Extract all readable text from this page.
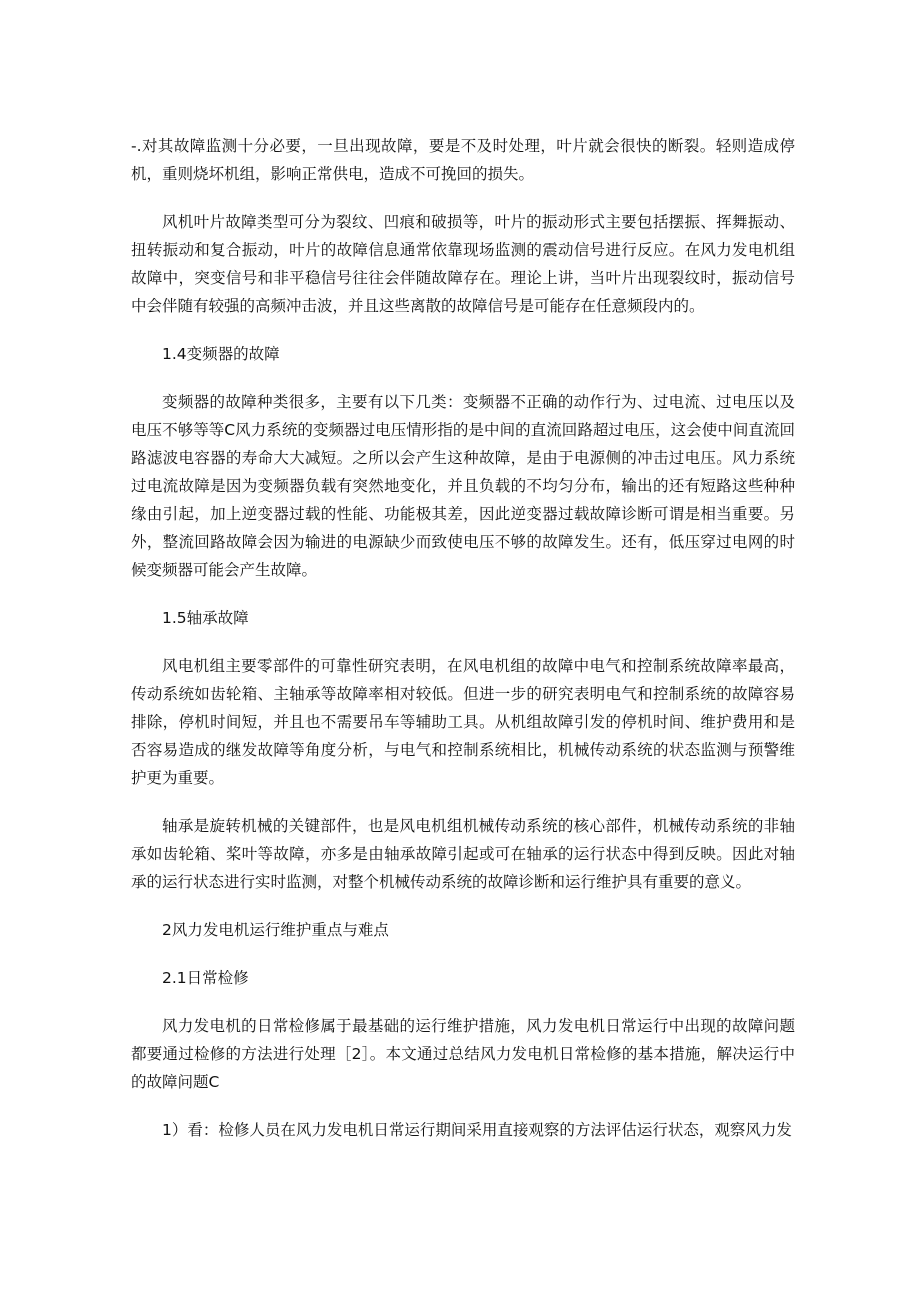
-.对其故障监测十分必要，一旦出现故障，要是不及时处理，叶片就会很快的断裂。轻则造成停机，重则烧坏机组，影响正常供电，造成不可挽回的损失。

风机叶片故障类型可分为裂纹、凹痕和破损等，叶片的振动形式主要包括摆振、挥舞振动、扭转振动和复合振动，叶片的故障信息通常依靠现场监测的震动信号进行反应。在风力发电机组故障中，突变信号和非平稳信号往往会伴随故障存在。理论上讲，当叶片出现裂纹时，振动信号中会伴随有较强的高频冲击波，并且这些离散的故障信号是可能存在任意频段内的。

1.4变频器的故障

变频器的故障种类很多，主要有以下几类：变频器不正确的动作行为、过电流、过电压以及电压不够等等C风力系统的变频器过电压情形指的是中间的直流回路超过电压，这会使中间直流回路滤波电容器的寿命大大减短。之所以会产生这种故障，是由于电源侧的冲击过电压。风力系统过电流故障是因为变频器负载有突然地变化，并且负载的不均匀分布，输出的还有短路这些种种缘由引起，加上逆变器过载的性能、功能极其差，因此逆变器过载故障诊断可谓是相当重要。另外，整流回路故障会因为输进的电源缺少而致使电压不够的故障发生。还有，低压穿过电网的时候变频器可能会产生故障。

1.5轴承故障

风电机组主要零部件的可靠性研究表明，在风电机组的故障中电气和控制系统故障率最高，传动系统如齿轮箱、主轴承等故障率相对较低。但进一步的研究表明电气和控制系统的故障容易排除，停机时间短，并且也不需要吊车等辅助工具。从机组故障引发的停机时间、维护费用和是否容易造成的继发故障等角度分析，与电气和控制系统相比，机械传动系统的状态监测与预警维护更为重要。

轴承是旋转机械的关键部件，也是风电机组机械传动系统的核心部件，机械传动系统的非轴承如齿轮箱、桨叶等故障，亦多是由轴承故障引起或可在轴承的运行状态中得到反映。因此对轴承的运行状态进行实时监测，对整个机械传动系统的故障诊断和运行维护具有重要的意义。

2风力发电机运行维护重点与难点
2.1日常检修

风力发电机的日常检修属于最基础的运行维护措施，风力发电机日常运行中出现的故障问题都要通过检修的方法进行处理［2］。本文通过总结风力发电机日常检修的基本措施，解决运行中的故障问题C

1）看：检修人员在风力发电机日常运行期间采用直接观察的方法评估运行状态，观察风力发
